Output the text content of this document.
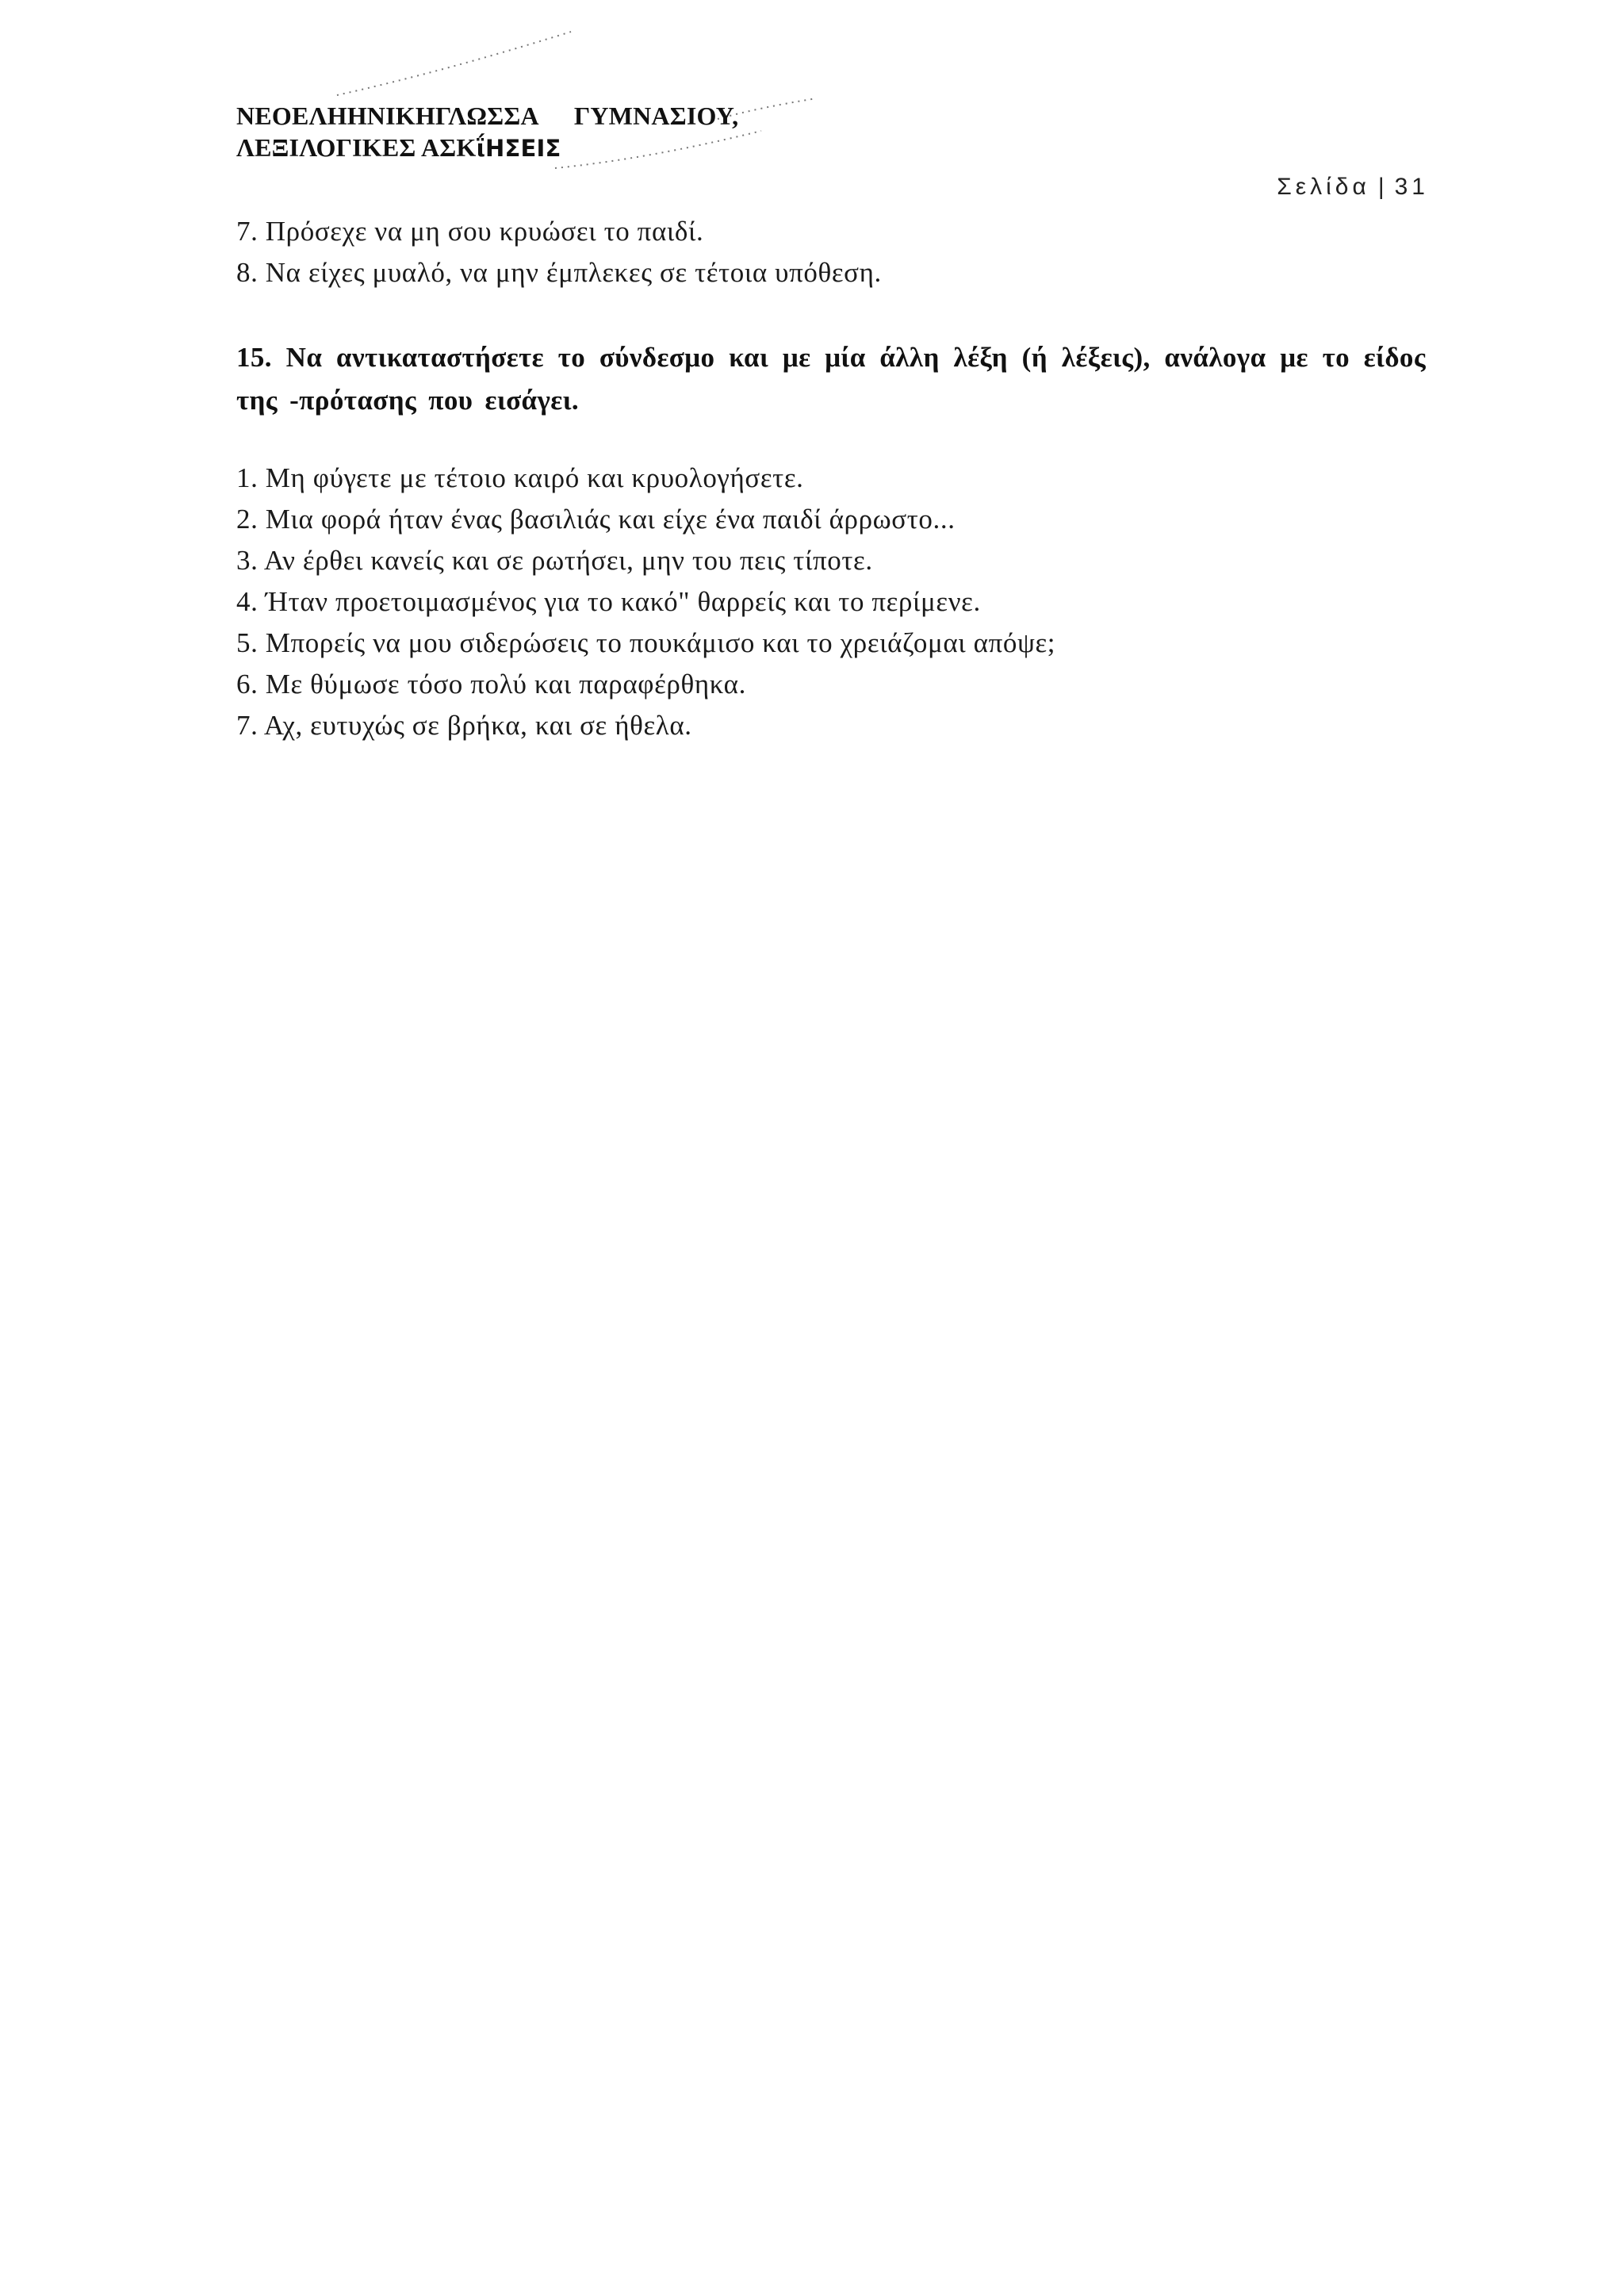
ΝΕΟΕΛΗΗΝΙΚΗΓΛΩΣΣΑ ΓΥΜΝΑΣΙΟΥ,
ΛΕΞΙΛΟΓΙΚΕΣ ΑΣΚΐΗΣΕΙΣ
Σελίδα | 31
7. Πρόσεχε να μη σου κρυώσει το παιδί.
8. Να είχες μυαλό, να μην έμπλεκες σε τέτοια υπόθεση.
15. Να αντικαταστήσετε το σύνδεσμο και με μία άλλη λέξη (ή λέξεις), ανάλογα με το είδος της -πρότασης που εισάγει.
1. Μη φύγετε με τέτοιο καιρό και κρυολογήσετε.
2. Μια φορά ήταν ένας βασιλιάς και είχε ένα παιδί άρρωστο...
3. Αν έρθει κανείς και σε ρωτήσει, μην του πεις τίποτε.
4. Ήταν προετοιμασμένος για το κακό" θαρρείς και το περίμενε.
5. Μπορείς να μου σιδερώσεις το πουκάμισο και το χρειάζομαι απόψε;
6. Με θύμωσε τόσο πολύ και παραφέρθηκα.
7. Αχ, ευτυχώς σε βρήκα, και σε ήθελα.
